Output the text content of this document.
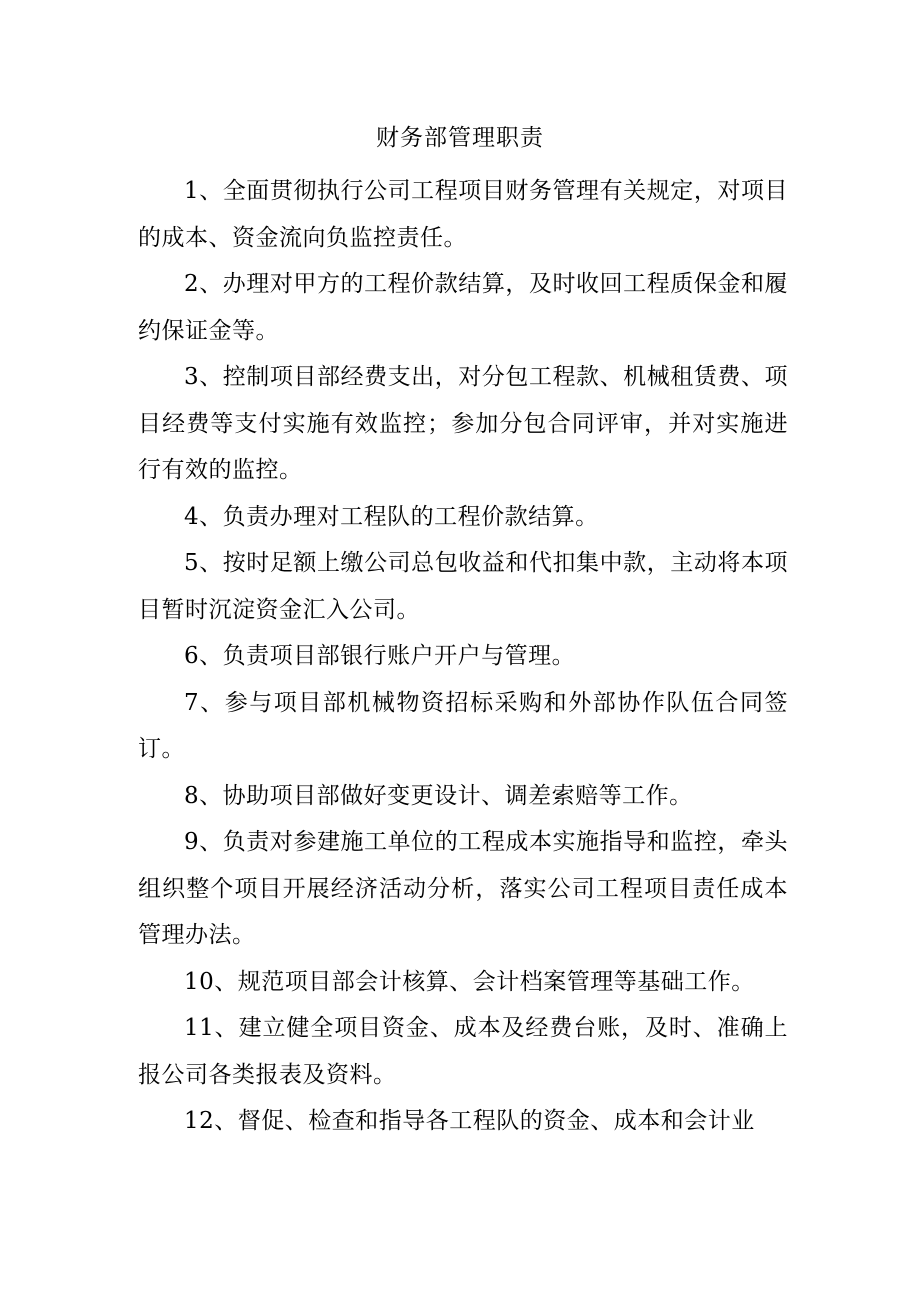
财务部管理职责

1、全面贯彻执行公司工程项目财务管理有关规定，对项目的成本、资金流向负监控责任。

2、办理对甲方的工程价款结算，及时收回工程质保金和履约保证金等。

3、控制项目部经费支出，对分包工程款、机械租赁费、项目经费等支付实施有效监控；参加分包合同评审，并对实施进行有效的监控。

4、负责办理对工程队的工程价款结算。

5、按时足额上缴公司总包收益和代扣集中款，主动将本项目暂时沉淀资金汇入公司。

6、负责项目部银行账户开户与管理。

7、参与项目部机械物资招标采购和外部协作队伍合同签订。

8、协助项目部做好变更设计、调差索赔等工作。

9、负责对参建施工单位的工程成本实施指导和监控，牵头组织整个项目开展经济活动分析，落实公司工程项目责任成本管理办法。

10、规范项目部会计核算、会计档案管理等基础工作。

11、建立健全项目资金、成本及经费台账，及时、准确上报公司各类报表及资料。

12、督促、检查和指导各工程队的资金、成本和会计业
